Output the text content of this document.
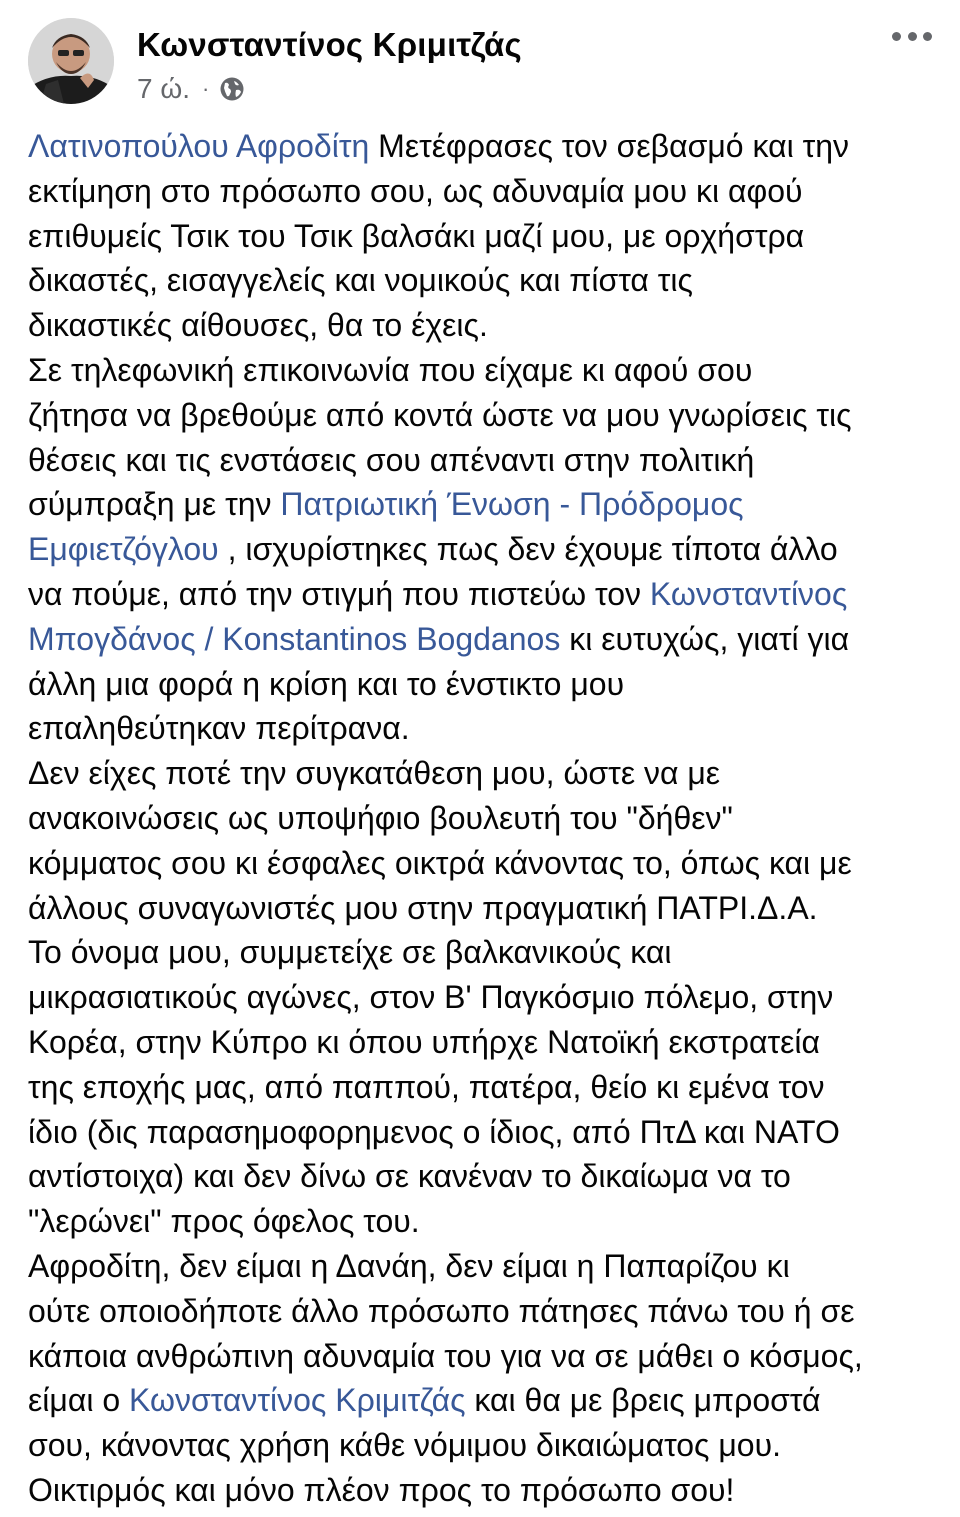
Κωνσταντίνος Κριμιτζάς
7 ώ. ·
Λατινοπούλου Αφροδίτη Μετέφρασες τον σεβασμό και την
εκτίμηση στο πρόσωπο σου, ως αδυναμία μου κι αφού
επιθυμείς Τσικ του Τσικ βαλσάκι μαζί μου, με ορχήστρα
δικαστές, εισαγγελείς και νομικούς και πίστα τις
δικαστικές αίθουσες, θα το έχεις.
Σε τηλεφωνική επικοινωνία που είχαμε κι αφού σου
ζήτησα να βρεθούμε από κοντά ώστε να μου γνωρίσεις τις
θέσεις και τις ενστάσεις σου απέναντι στην πολιτική
σύμπραξη με την Πατριωτική Ένωση - Πρόδρομος
Εμφιετζόγλου , ισχυρίστηκες πως δεν έχουμε τίποτα άλλο
να πούμε, από την στιγμή που πιστεύω τον Κωνσταντίνος
Μπογδάνος / Konstantinos Bogdanos κι ευτυχώς, γιατί για
άλλη μια φορά η κρίση και το ένστικτο μου
επαληθεύτηκαν περίτρανα.
Δεν είχες ποτέ την συγκατάθεση μου, ώστε να με
ανακοινώσεις ως υποψήφιο βουλευτή του "δήθεν"
κόμματος σου κι έσφαλες οικτρά κάνοντας το, όπως και με
άλλους συναγωνιστές μου στην πραγματική ΠΑΤΡΙ.Δ.Α.
Το όνομα μου, συμμετείχε σε βαλκανικούς και
μικρασιατικούς αγώνες, στον Β' Παγκόσμιο πόλεμο, στην
Κορέα, στην Κύπρο κι όπου υπήρχε Νατοϊκή εκστρατεία
της εποχής μας, από παππού, πατέρα, θείο κι εμένα τον
ίδιο (δις παρασημοφορημενος ο ίδιος, από ΠτΔ και ΝΑΤΟ
αντίστοιχα) και δεν δίνω σε κανέναν το δικαίωμα να το
"λερώνει" προς όφελος του.
Αφροδίτη, δεν είμαι η Δανάη, δεν είμαι η Παπαρίζου κι
ούτε οποιοδήποτε άλλο πρόσωπο πάτησες πάνω του ή σε
κάποια ανθρώπινη αδυναμία του για να σε μάθει ο κόσμος,
είμαι ο Κωνσταντίνος Κριμιτζάς και θα με βρεις μπροστά
σου, κάνοντας χρήση κάθε νόμιμου δικαιώματος μου.
Οικτιρμός και μόνο πλέον προς το πρόσωπο σου!
